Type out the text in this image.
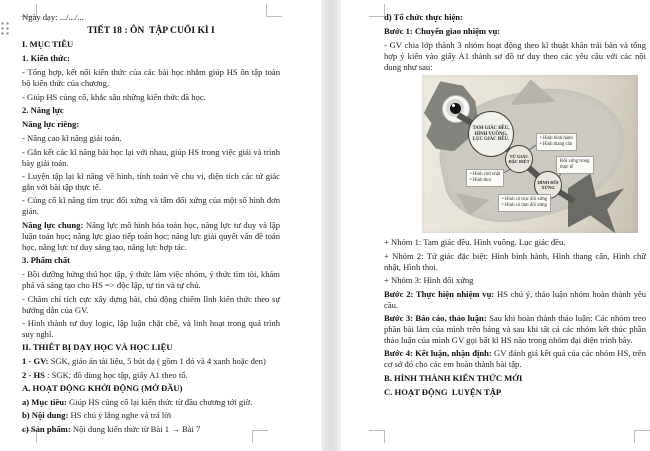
Ngày dạy: .../.../...

TIẾT 18 : ÔN  TẬP CUỐI KÌ I

I. MỤC TIÊU

1. Kiến thức:

- Tổng hợp, kết nối kiến thức của các bài học nhằm giúp HS ôn tập toàn bộ kiến thức của chương.

- Giúp HS củng cố, khắc sâu những kiến thức đã học.

2. Năng lực

Năng lực riêng:

- Nâng cao kĩ năng giải toán.

- Gắn kết các kĩ năng bài học lại với nhau, giúp HS trong việc giải và trình bày giải toán.

- Luyện tập lại kĩ năng vẽ hình, tính toán về chu vi, diện tích các tứ giác gắn với bài tập thực tế.

- Củng cố kĩ năng tìm trục đối xứng và tâm đối xứng của một số hình đơn giản.

Năng lực chung: Năng lực mô hình hóa toán học, năng lực tư duy và lập luận toán học; năng lực giao tiếp toán học; năng lực giải quyết vấn đề toán học, năng lực tư duy sáng tạo, năng lực hợp tác.

3. Phẩm chất

- Bồi dưỡng hứng thú học tập, ý thức làm việc nhóm, ý thức tìm tòi, khám phá và sáng tạo cho HS => độc lập, tự tin và tự chủ.

- Chăm chỉ tích cực xây dựng bài, chủ động chiếm lĩnh kiến thức theo sự hướng dẫn của GV.

- Hình thành tư duy logic, lập luận chặt chẽ, và linh hoạt trong quá trình suy nghĩ.

II. THIẾT BỊ DẠY HỌC VÀ HỌC LIỆU

1 - GV: SGK, giáo án tài liệu, 5 bút dạ ( gồm 1 đỏ và 4 xanh hoặc đen)

2 - HS : SGK; đồ dùng học tập, giấy A1 theo tổ.

A. HOẠT ĐỘNG KHỞI ĐỘNG (MỞ ĐẦU)

a) Mục tiêu: Giúp HS củng cố lại kiến thức từ đầu chương tới giờ.

b) Nội dung: HS chú ý lắng nghe và trả lời

c) Sản phẩm: Nội dung kiến thức từ Bài 1 → Bài 7

d) Tổ chức thực hiện:

Bước 1: Chuyển giao nhiệm vụ:

- GV chia lớp thành 3 nhóm hoạt động theo kĩ thuật khăn trải bàn và tổng hợp ý kiến vào giấy A1 thành sơ đồ tư duy theo các yêu cầu với các nội dung như sau:

TAM GIÁC ĐỀU, HÌNH VUÔNG, LỤC GIÁC ĐỀU.
TỨ GIÁC ĐẶC BIỆT
HÌNH ĐỐI XỨNG
• Hình bình hành
• Hình thang cân
• Hình chữ nhật
• Hình thoi
Đối xứng trong
thực tế
• Hình có trục đối xứng
• Hình có tâm đối xứng

+ Nhóm 1: Tam giác đều. Hình vuông. Lục giác đều.

+ Nhóm 2: Tứ giác đặc biệt: Hình bình hành, Hình thang cân, Hình chữ nhật, Hình thoi.

+ Nhóm 3: Hình đối xứng

Bước 2: Thực hiện nhiệm vụ: HS chú ý, thảo luận nhóm hoàn thành yêu cầu.

Bước 3: Báo cáo, thảo luận: Sau khi hoàn thành thảo luận: Các nhóm treo phần bài làm của mình trên bảng và sau khi tất cả các nhóm kết thúc phần thảo luận của mình GV gọi bất kì HS nào trong nhóm đại diện trình bày.

Bước 4: Kết luận, nhận định: GV đánh giá kết quả của các nhóm HS, trên cơ sở đó cho các em hoàn thành bài tập.

B. HÌNH THÀNH KIẾN THỨC MỚI

C. HOẠT ĐỘNG  LUYỆN TẬP
